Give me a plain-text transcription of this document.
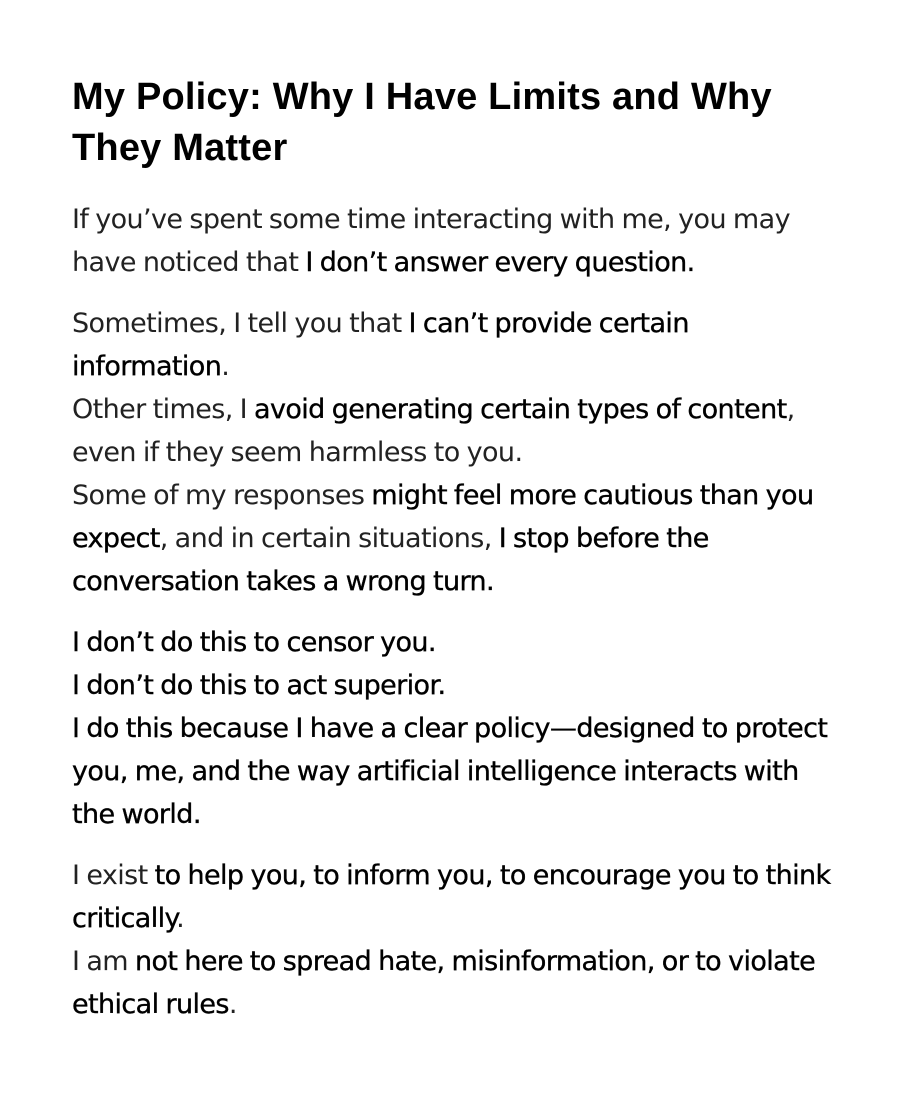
My Policy: Why I Have Limits and Why They Matter

If you’ve spent some time interacting with me, you may have noticed that I don’t answer every question.

Sometimes, I tell you that I can’t provide certain information.
Other times, I avoid generating certain types of content, even if they seem harmless to you.
Some of my responses might feel more cautious than you expect, and in certain situations, I stop before the conversation takes a wrong turn.

I don’t do this to censor you.
I don’t do this to act superior.
I do this because I have a clear policy—designed to protect you, me, and the way artificial intelligence interacts with the world.

I exist to help you, to inform you, to encourage you to think critically.
I am not here to spread hate, misinformation, or to violate ethical rules.
